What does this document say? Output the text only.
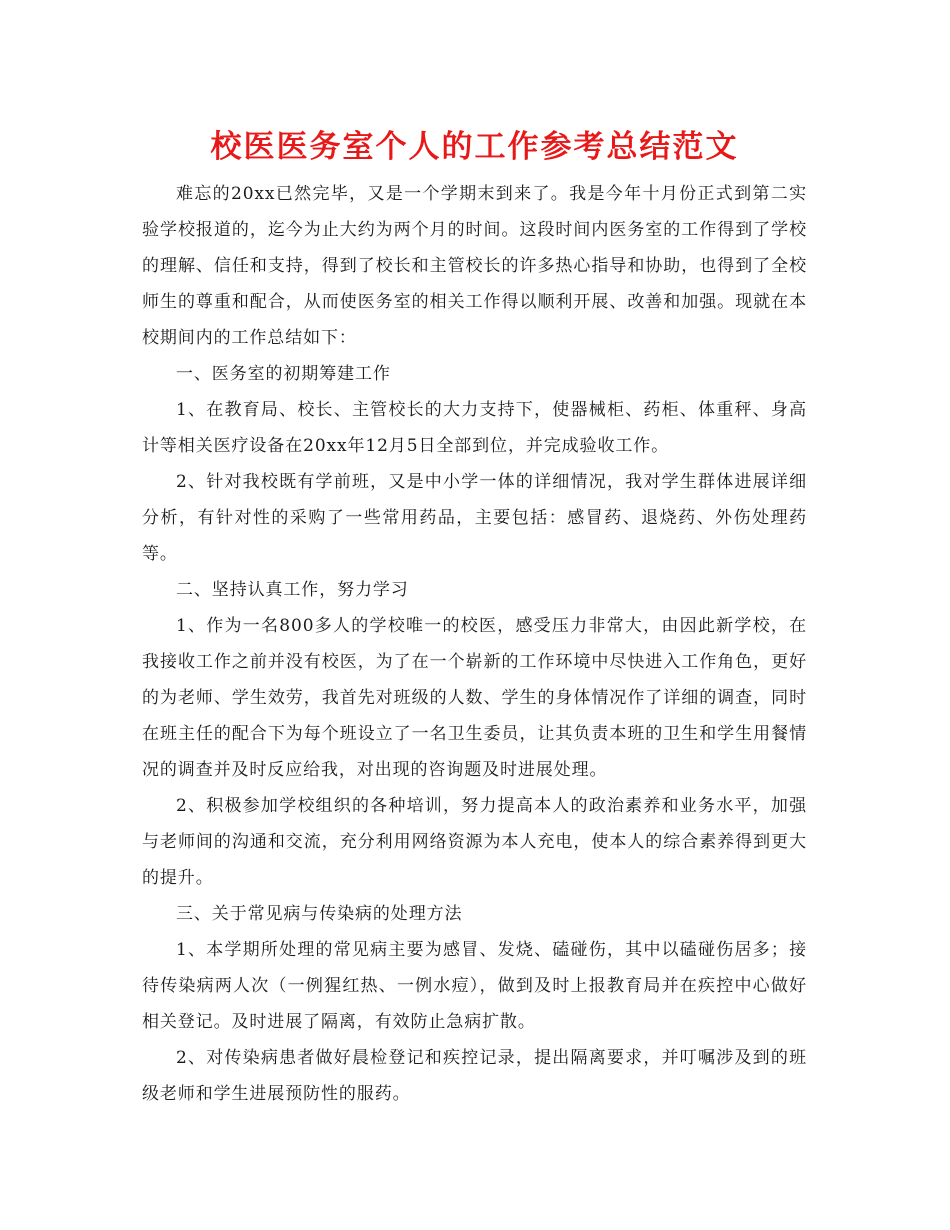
校医医务室个人的工作参考总结范文

难忘的20xx已然完毕，又是一个学期末到来了。我是今年十月份正式到第二实验学校报道的，迄今为止大约为两个月的时间。这段时间内医务室的工作得到了学校的理解、信任和支持，得到了校长和主管校长的许多热心指导和协助，也得到了全校师生的尊重和配合，从而使医务室的相关工作得以顺利开展、改善和加强。现就在本校期间内的工作总结如下：

一、医务室的初期筹建工作

1、在教育局、校长、主管校长的大力支持下，使器械柜、药柜、体重秤、身高计等相关医疗设备在20xx年12月5日全部到位，并完成验收工作。

2、针对我校既有学前班，又是中小学一体的详细情况，我对学生群体进展详细分析，有针对性的采购了一些常用药品，主要包括：感冒药、退烧药、外伤处理药等。

二、坚持认真工作，努力学习

1、作为一名800多人的学校唯一的校医，感受压力非常大，由因此新学校，在我接收工作之前并没有校医，为了在一个崭新的工作环境中尽快进入工作角色，更好的为老师、学生效劳，我首先对班级的人数、学生的身体情况作了详细的调查，同时在班主任的配合下为每个班设立了一名卫生委员，让其负责本班的卫生和学生用餐情况的调查并及时反应给我，对出现的咨询题及时进展处理。

2、积极参加学校组织的各种培训，努力提高本人的政治素养和业务水平，加强与老师间的沟通和交流，充分利用网络资源为本人充电，使本人的综合素养得到更大的提升。

三、关于常见病与传染病的处理方法

1、本学期所处理的常见病主要为感冒、发烧、磕碰伤，其中以磕碰伤居多；接待传染病两人次（一例猩红热、一例水痘），做到及时上报教育局并在疾控中心做好相关登记。及时进展了隔离，有效防止急病扩散。

2、对传染病患者做好晨检登记和疾控记录，提出隔离要求，并叮嘱涉及到的班级老师和学生进展预防性的服药。
